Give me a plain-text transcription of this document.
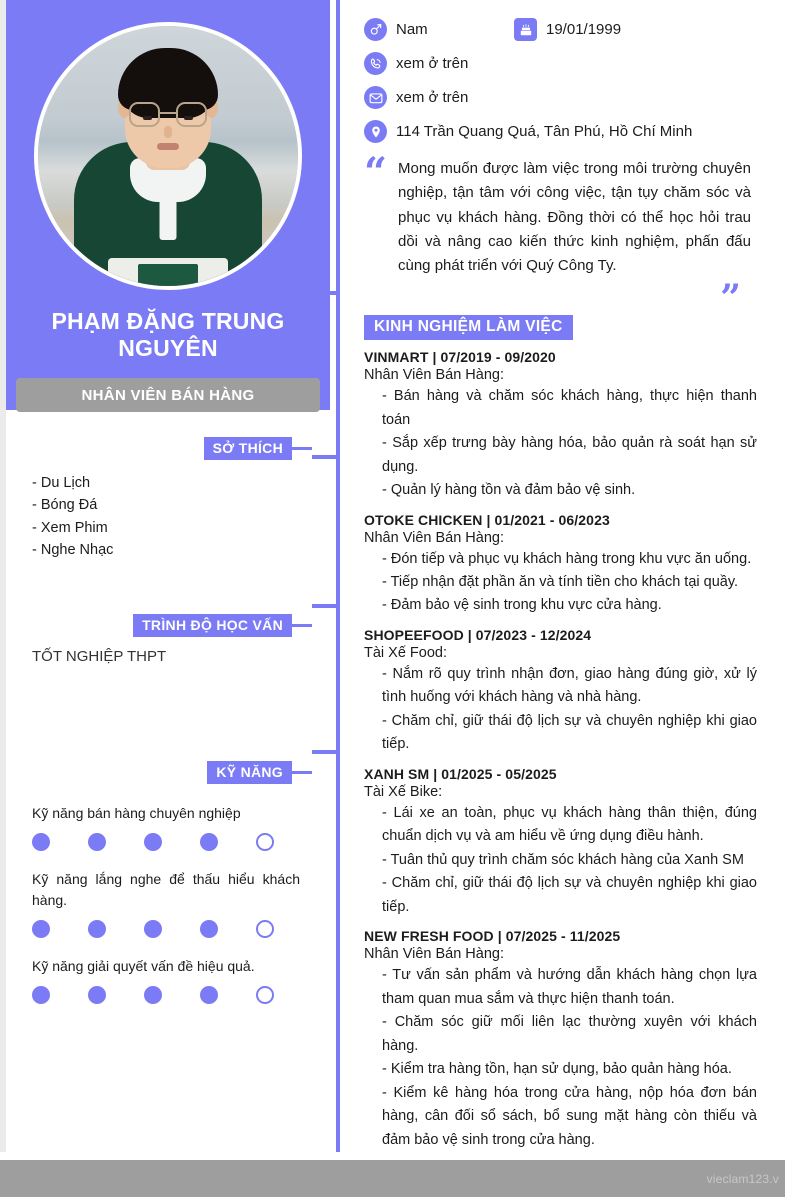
PHẠM ĐẶNG TRUNG NGUYÊN
NHÂN VIÊN BÁN HÀNG
SỞ THÍCH
- Du Lịch
- Bóng Đá
- Xem Phim
- Nghe Nhạc
TRÌNH ĐỘ HỌC VẤN
TỐT NGHIỆP THPT
KỸ NĂNG
Kỹ năng bán hàng chuyên nghiệp
Kỹ năng lắng nghe để thấu hiểu khách hàng.
Kỹ năng giải quyết vấn đề hiệu quả.
Nam	19/01/1999
xem ở trên
xem ở trên
114 Trần Quang Quá, Tân Phú, Hồ Chí Minh
“ Mong muốn được làm việc trong môi trường chuyên nghiệp, tận tâm với công việc, tận tụy chăm sóc và phục vụ khách hàng. Đồng thời có thể học hỏi trau dồi và nâng cao kiến thức kinh nghiệm, phấn đấu cùng phát triển với Quý Công Ty.
”
KINH NGHIỆM LÀM VIỆC
VINMART | 07/2019 - 09/2020
Nhân Viên Bán Hàng:
- Bán hàng và chăm sóc khách hàng, thực hiện thanh toán
- Sắp xếp trưng bày hàng hóa, bảo quản rà soát hạn sử dụng.
- Quản lý hàng tồn và đảm bảo vệ sinh.
OTOKE CHICKEN | 01/2021 - 06/2023
Nhân Viên Bán Hàng:
- Đón tiếp và phục vụ khách hàng trong khu vực ăn uống.
- Tiếp nhận đặt phần ăn và tính tiền cho khách tại quầy.
- Đảm bảo vệ sinh trong khu vực cửa hàng.
SHOPEEFOOD | 07/2023 - 12/2024
Tài Xế Food:
- Nắm rõ quy trình nhận đơn, giao hàng đúng giờ, xử lý tình huống với khách hàng và nhà hàng.
- Chăm chỉ, giữ thái độ lịch sự và chuyên nghiệp khi giao tiếp.
XANH SM | 01/2025 - 05/2025
Tài Xế Bike:
- Lái xe an toàn, phục vụ khách hàng thân thiện, đúng chuẩn dịch vụ và am hiểu về ứng dụng điều hành.
- Tuân thủ quy trình chăm sóc khách hàng của Xanh SM
- Chăm chỉ, giữ thái độ lịch sự và chuyên nghiệp khi giao tiếp.
NEW FRESH FOOD | 07/2025 - 11/2025
Nhân Viên Bán Hàng:
- Tư vấn sản phẩm và hướng dẫn khách hàng chọn lựa tham quan mua sắm và thực hiện thanh toán.
- Chăm sóc giữ mối liên lạc thường xuyên với khách hàng.
- Kiểm tra hàng tồn, hạn sử dụng, bảo quản hàng hóa.
- Kiểm kê hàng hóa trong cửa hàng, nộp hóa đơn bán hàng, cân đối sổ sách, bổ sung mặt hàng còn thiếu và đảm bảo vệ sinh trong cửa hàng.
vieclam123.v
